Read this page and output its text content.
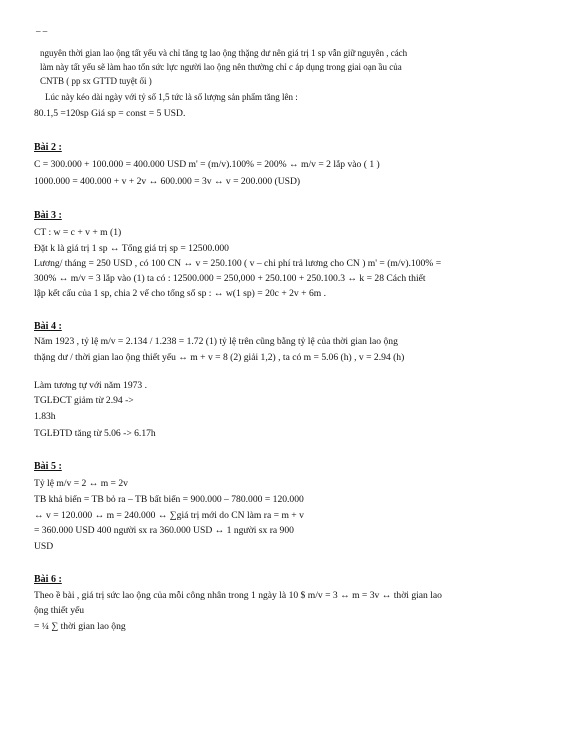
_ _
nguyên thời gian lao ộng tất yếu và chỉ tăng tg lao ộng thặng dư nên giá trị 1 sp vẫn giữ nguyên , cách
làm này tất yếu sẽ làm hao tổn sức lực người lao ộng nên thường chỉ c áp dụng trong giai oạn ầu của
CNTB ( pp sx GTTD tuyệt ối )
Lúc này kéo dài ngày với tỷ số 1,5 tức là số lượng sản phẩm tăng lên :
80.1,5 =120sp Giá sp = const = 5 USD.
Bài 2 :
C = 300.000 + 100.000 = 400.000 USD m' = (m/v).100% = 200% ↔ m/v = 2 lắp vào ( 1 )
1000.000 = 400.000 + v + 2v ↔ 600.000 = 3v ↔ v = 200.000 (USD)
Bài 3 :
CT : w = c + v + m (1)
Đặt k là giá trị 1 sp ↔ Tổng giá trị sp = 12500.000
Lương/ tháng = 250 USD , có 100 CN ↔ v = 250.100 ( v – chi phí trả lương cho CN ) m' = (m/v).100% =
300% ↔ m/v = 3 lắp vào (1) ta có : 12500.000 = 250,000 + 250.100 + 250.100.3 ↔ k = 28 Cách thiết
lập kết cấu của 1 sp, chia 2 vế cho tổng số sp : ↔ w(1 sp) = 20c + 2v + 6m .
Bài 4 :
Năm 1923 , tỷ lệ m/v = 2.134 / 1.238 = 1.72 (1) tỷ lệ trên cũng bằng tỷ lệ của thời gian lao ộng
thặng dư / thời gian lao ộng thiết yếu ↔ m + v = 8 (2) giải 1,2) , ta có m = 5.06 (h) , v = 2.94 (h)
Làm tương tự với năm 1973 .
TGLĐCT giảm từ 2.94 ->
1.83h
TGLĐTD tăng từ 5.06 -> 6.17h
Bài 5 :
Tỷ lệ m/v = 2 ↔ m = 2v
TB khả biến = TB bỏ ra – TB bất biến = 900.000 – 780.000 = 120.000
↔ v = 120.000 ↔ m = 240.000 ↔ ∑giá trị mới do CN làm ra = m + v
= 360.000 USD 400 người sx ra 360.000 USD ↔ 1 người sx ra 900
USD
Bài 6 :
Theo ề bài , giá trị sức lao ộng của mỗi công nhân trong 1 ngày là 10 $ m/v = 3 ↔ m = 3v ↔ thời gian lao
ộng thiết yếu
= ¼ ∑ thời gian lao ộng
